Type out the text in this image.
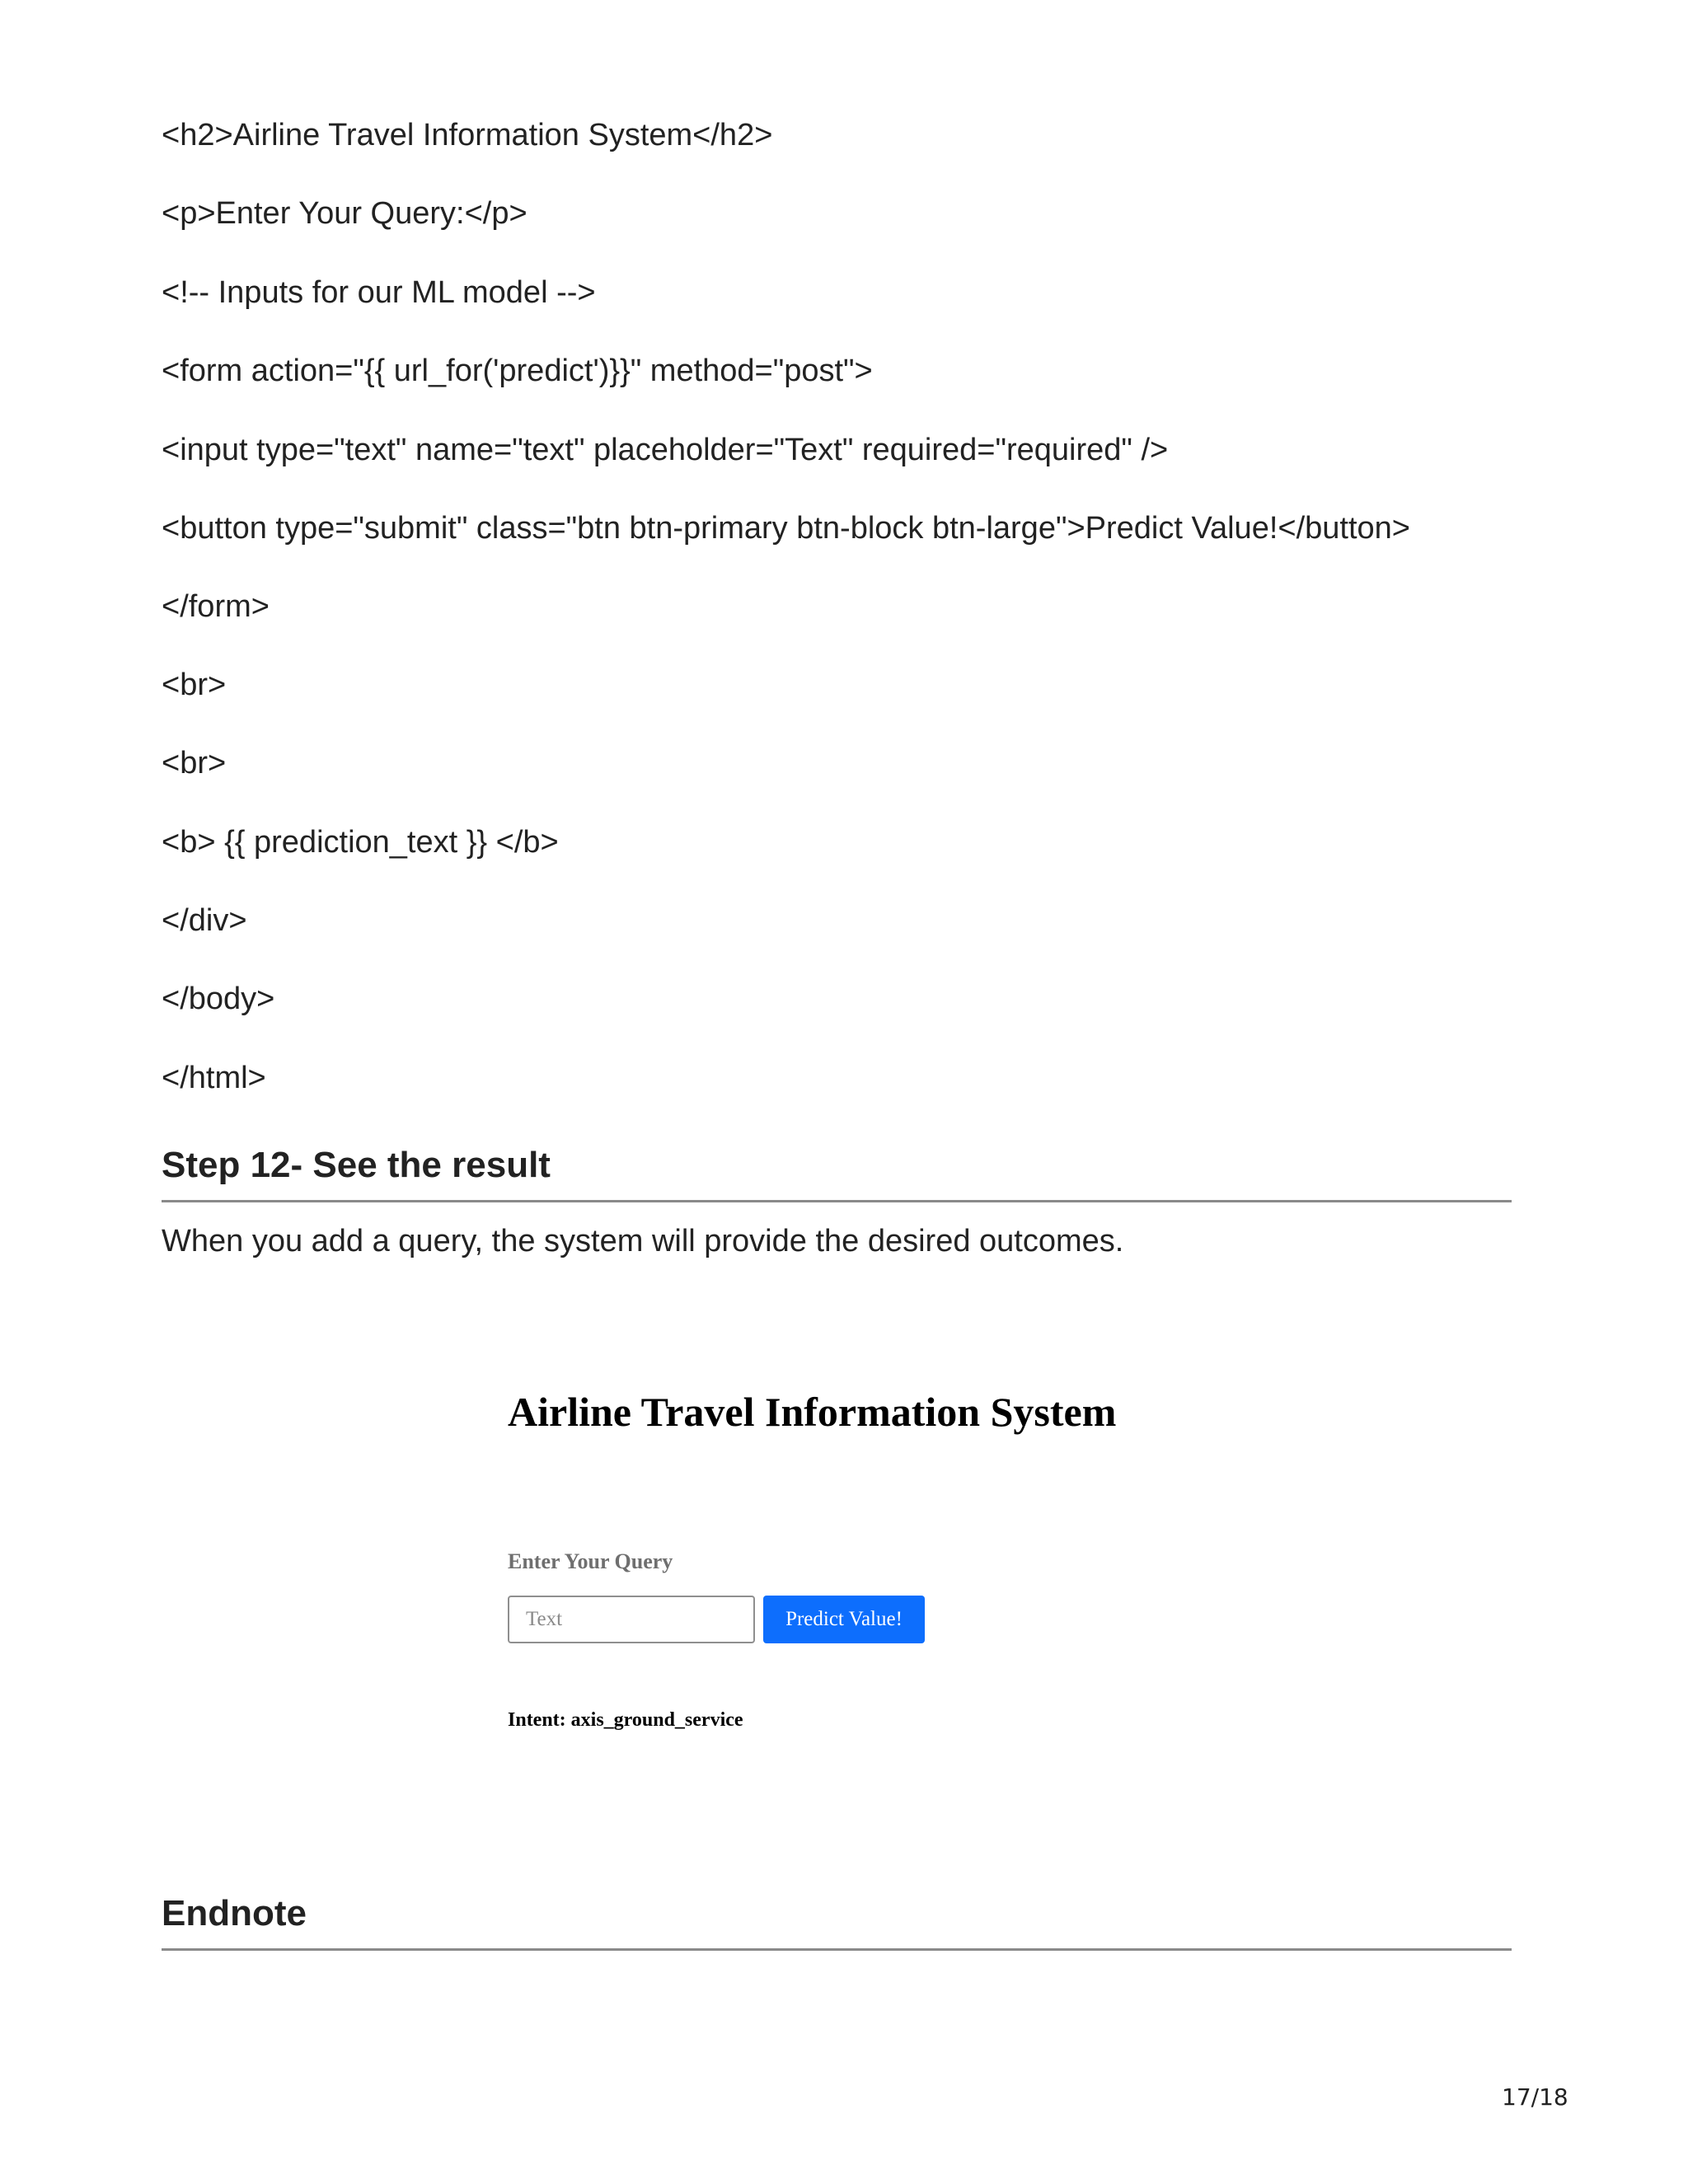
<h2>Airline Travel Information System</h2>

<p>Enter Your Query:</p>

<!-- Inputs for our ML model -->

<form action="{{ url_for('predict')}}" method="post">

<input type="text" name="text" placeholder="Text" required="required" />

<button type="submit" class="btn btn-primary btn-block btn-large">Predict Value!</button>

</form>

<br>

<br>

<b> {{ prediction_text }} </b>

</div>

</body>

</html>

Step 12- See the result

When you add a query, the system will provide the desired outcomes.

Airline Travel Information System

Enter Your Query

Text
Predict Value!

Intent: axis_ground_service

Endnote

17/18
